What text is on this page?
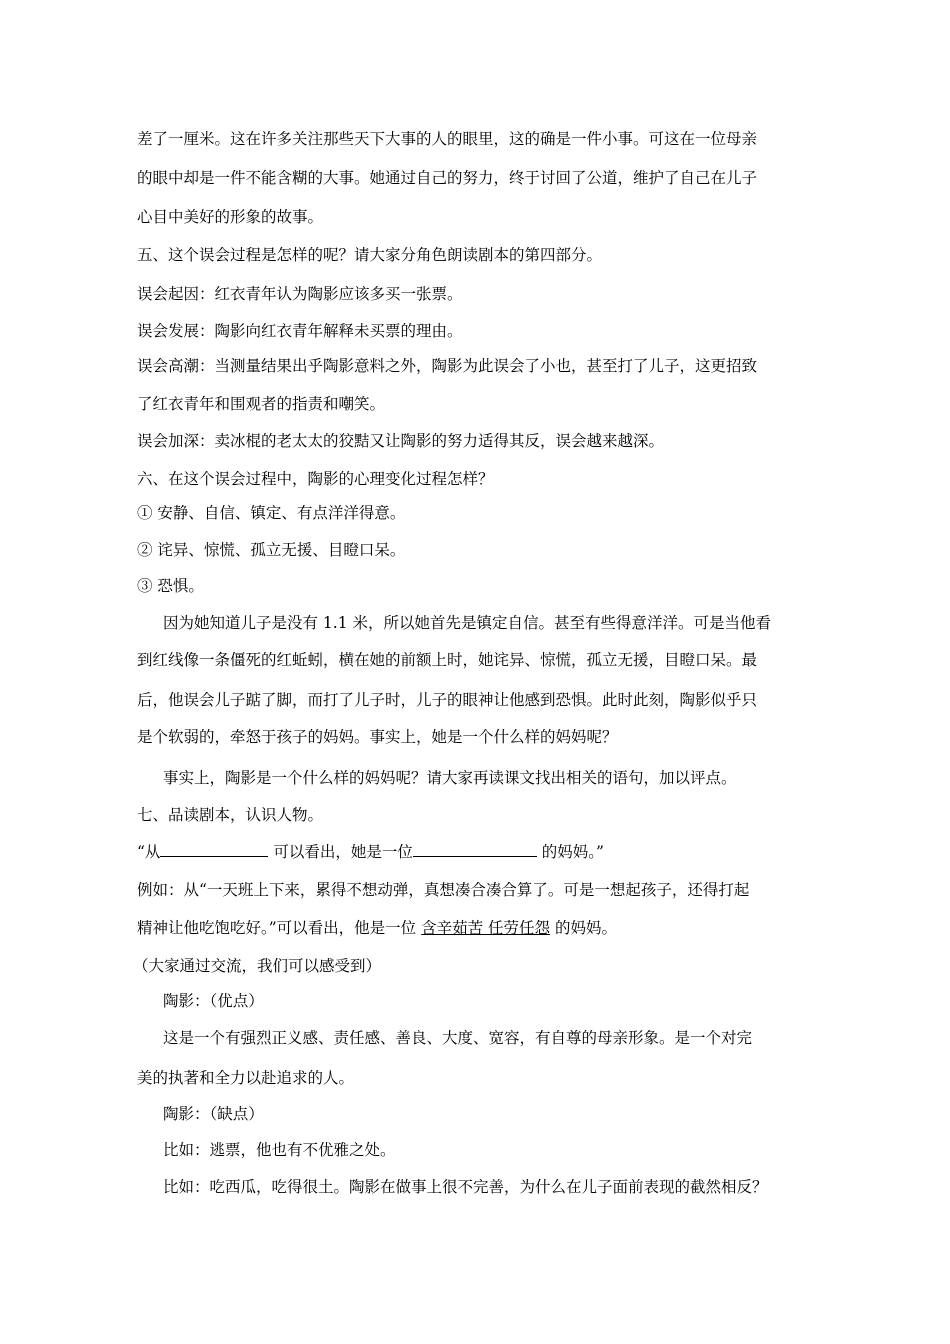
差了一厘米。这在许多关注那些天下大事的人的眼里，这的确是一件小事。可这在一位母亲
的眼中却是一件不能含糊的大事。她通过自己的努力，终于讨回了公道，维护了自己在儿子
心目中美好的形象的故事。
五、这个误会过程是怎样的呢？请大家分角色朗读剧本的第四部分。
误会起因：红衣青年认为陶影应该多买一张票。
误会发展：陶影向红衣青年解释未买票的理由。
误会高潮：当测量结果出乎陶影意料之外，陶影为此误会了小也，甚至打了儿子，这更招致
了红衣青年和围观者的指责和嘲笑。
误会加深：卖冰棍的老太太的狡黠又让陶影的努力适得其反，误会越来越深。
六、在这个误会过程中，陶影的心理变化过程怎样？
① 安静、自信、镇定、有点洋洋得意。
② 诧异、惊慌、孤立无援、目瞪口呆。
③ 恐惧。
因为她知道儿子是没有 1.1 米，所以她首先是镇定自信。甚至有些得意洋洋。可是当他看
到红线像一条僵死的红蚯蚓，横在她的前额上时，她诧异、惊慌，孤立无援，目瞪口呆。最
后，他误会儿子踮了脚，而打了儿子时，儿子的眼神让他感到恐惧。此时此刻，陶影似乎只
是个软弱的，牵怒于孩子的妈妈。事实上，她是一个什么样的妈妈呢？
事实上，陶影是一个什么样的妈妈呢？请大家再读课文找出相关的语句，加以评点。
七、品读剧本，认识人物。
“从	可以看出，她是一位	的妈妈。”
例如：从“一天班上下来，累得不想动弹，真想凑合凑合算了。可是一想起孩子，还得打起
精神让他吃饱吃好。”可以看出，他是一位 含辛茹苦 任劳任怨 的妈妈。
（大家通过交流，我们可以感受到）
陶影：（优点）
这是一个有强烈正义感、责任感、善良、大度、宽容，有自尊的母亲形象。是一个对完
美的执著和全力以赴追求的人。
陶影：（缺点）
比如：逃票，他也有不优雅之处。
比如：吃西瓜，吃得很土。陶影在做事上很不完善，为什么在儿子面前表现的截然相反？
